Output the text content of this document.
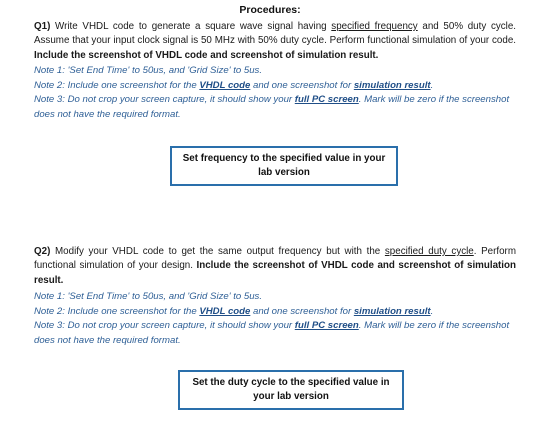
Procedures:
Q1) Write VHDL code to generate a square wave signal having specified frequency and 50% duty cycle. Assume that your input clock signal is 50 MHz with 50% duty cycle. Perform functional simulation of your code. Include the screenshot of VHDL code and screenshot of simulation result.
Note 1: 'Set End Time' to 50us, and 'Grid Size' to 5us.
Note 2: Include one screenshot for the VHDL code and one screenshot for simulation result.
Note 3: Do not crop your screen capture, it should show your full PC screen. Mark will be zero if the screenshot does not have the required format.
Set frequency to the specified value in your lab version
Q2) Modify your VHDL code to get the same output frequency but with the specified duty cycle. Perform functional simulation of your design. Include the screenshot of VHDL code and screenshot of simulation result.
Note 1: 'Set End Time' to 50us, and 'Grid Size' to 5us.
Note 2: Include one screenshot for the VHDL code and one screenshot for simulation result.
Note 3: Do not crop your screen capture, it should show your full PC screen. Mark will be zero if the screenshot does not have the required format.
Set the duty cycle to the specified value in your lab version
